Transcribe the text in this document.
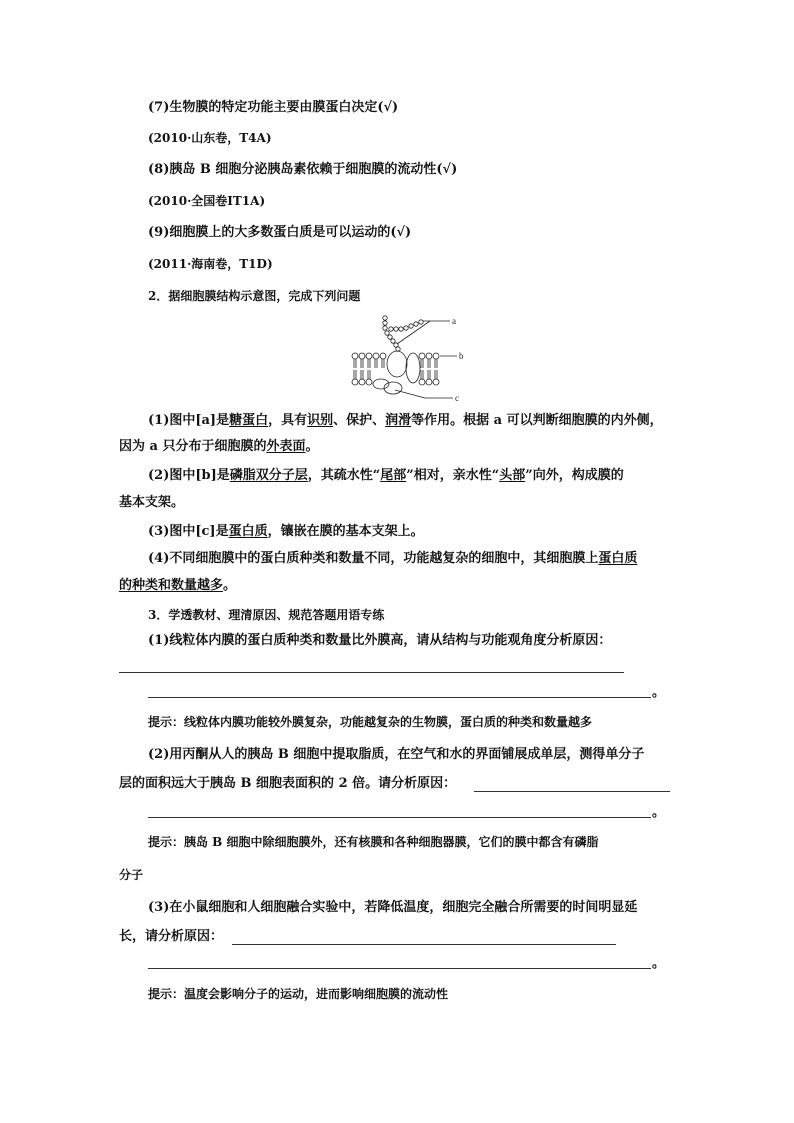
(7)生物膜的特定功能主要由膜蛋白决定(√)
(2010·山东卷，T4A)
(8)胰岛 B 细胞分泌胰岛素依赖于细胞膜的流动性(√)
(2010·全国卷ⅠT1A)
(9)细胞膜上的大多数蛋白质是可以运动的(√)
(2011·海南卷，T1D)
2．据细胞膜结构示意图，完成下列问题
a
b
c
(1)图中[a]是糖蛋白，具有识别、保护、润滑等作用。根据 a 可以判断细胞膜的内外侧，
因为 a 只分布于细胞膜的外表面。
(2)图中[b]是磷脂双分子层，其疏水性“尾部”相对，亲水性“头部”向外，构成膜的
基本支架。
(3)图中[c]是蛋白质，镶嵌在膜的基本支架上。
(4)不同细胞膜中的蛋白质种类和数量不同，功能越复杂的细胞中，其细胞膜上蛋白质
的种类和数量越多。
3．学透教材、理清原因、规范答题用语专练
(1)线粒体内膜的蛋白质种类和数量比外膜高，请从结构与功能观角度分析原因：
。
提示：线粒体内膜功能较外膜复杂，功能越复杂的生物膜，蛋白质的种类和数量越多
(2)用丙酮从人的胰岛 B 细胞中提取脂质，在空气和水的界面铺展成单层，测得单分子
层的面积远大于胰岛 B 细胞表面积的 2 倍。请分析原因：
。
提示：胰岛 B 细胞中除细胞膜外，还有核膜和各种细胞器膜，它们的膜中都含有磷脂
分子
(3)在小鼠细胞和人细胞融合实验中，若降低温度，细胞完全融合所需要的时间明显延
长，请分析原因：
。
提示：温度会影响分子的运动，进而影响细胞膜的流动性
